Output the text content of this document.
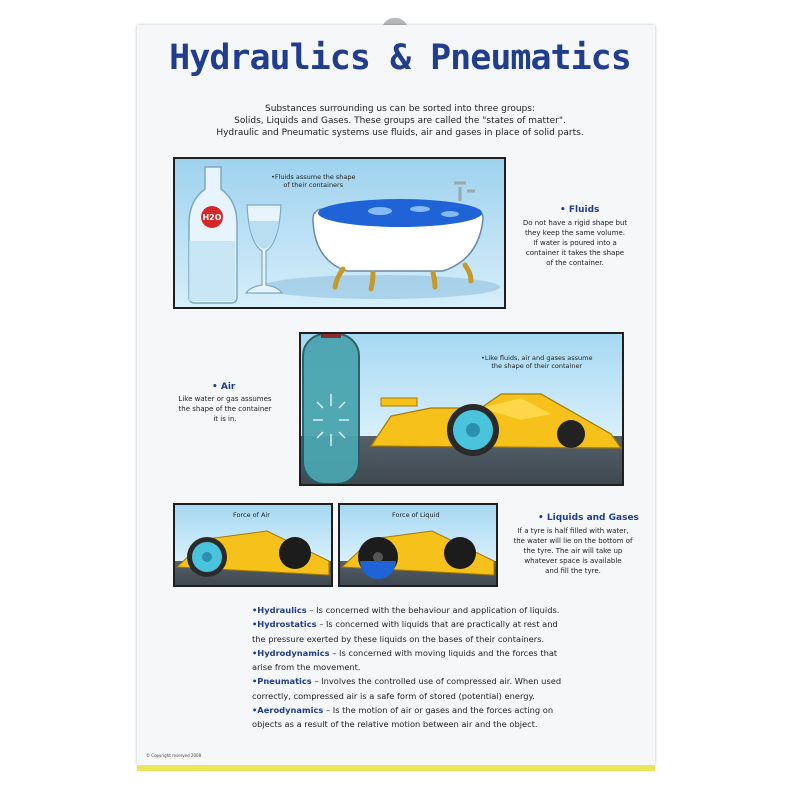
Hydraulics & Pneumatics
Substances surrounding us can be sorted into three groups:
Solids, Liquids and Gases. These groups are called the "states of matter".
Hydraulic and Pneumatic systems use fluids, air and gases in place of solid parts.
H2O
•Fluids assume the shape
of their containers
• Fluids
Do not have a rigid shape but
they keep the same volume.
If water is poured into a
container it takes the shape
of the container.
•Like fluids, air and gases assume
the shape of their container
• Air
Like water or gas assumes
the shape of the container
it is in.
Force of Air	Force of Liquid	• Liquids and Gases
If a tyre is half filled with water,
the water will lie on the bottom of
the tyre. The air will take up
whatever space is available
and fill the tyre.
•Hydraulics – Is concerned with the behaviour and application of liquids.
•Hydrostatics – Is concerned with liquids that are practically at rest and
the pressure exerted by these liquids on the bases of their containers.
•Hydrodynamics – Is concerned with moving liquids and the forces that
arise from the movement.
•Pneumatics – Involves the controlled use of compressed air. When used
correctly, compressed air is a safe form of stored (potential) energy.
•Aerodynamics – Is the motion of air or gases and the forces acting on
objects as a result of the relative motion between air and the object.
© Copyright reserved 2008
